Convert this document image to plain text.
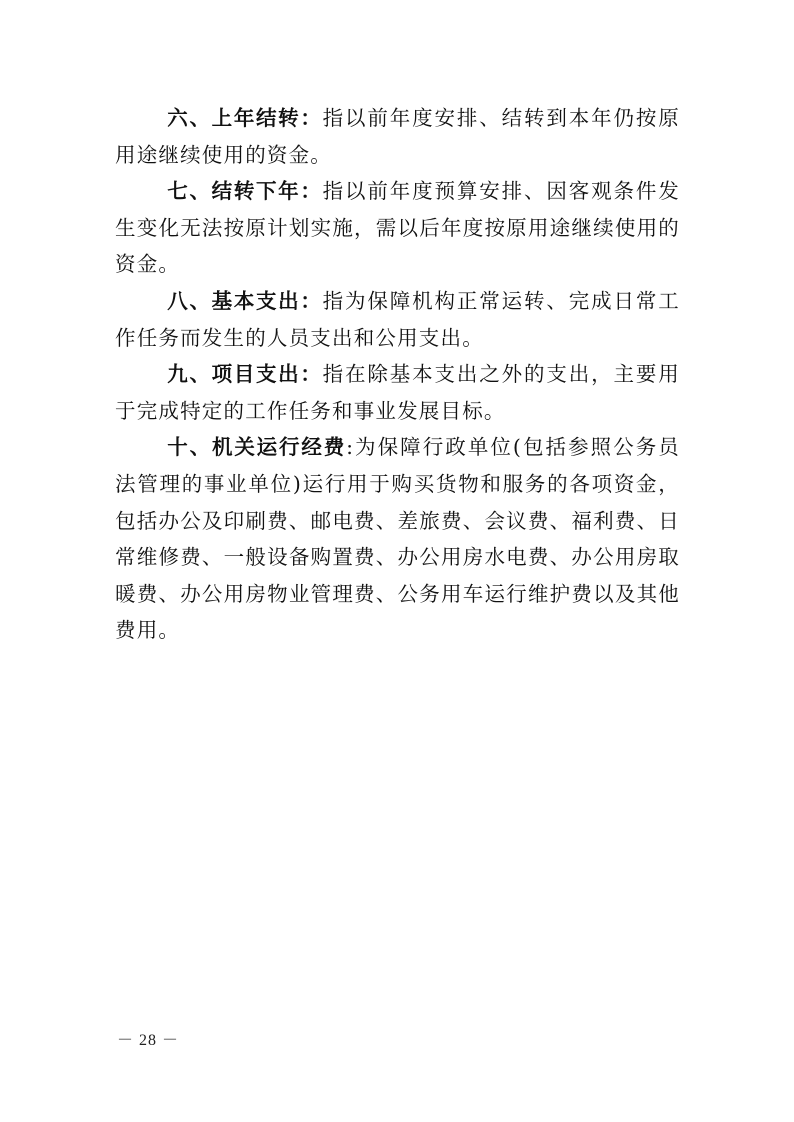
六、上年结转：指以前年度安排、结转到本年仍按原用途继续使用的资金。

七、结转下年：指以前年度预算安排、因客观条件发生变化无法按原计划实施，需以后年度按原用途继续使用的资金。

八、基本支出：指为保障机构正常运转、完成日常工作任务而发生的人员支出和公用支出。

九、项目支出：指在除基本支出之外的支出，主要用于完成特定的工作任务和事业发展目标。

十、机关运行经费:为保障行政单位(包括参照公务员法管理的事业单位)运行用于购买货物和服务的各项资金，包括办公及印刷费、邮电费、差旅费、会议费、福利费、日常维修费、一般设备购置费、办公用房水电费、办公用房取暖费、办公用房物业管理费、公务用车运行维护费以及其他费用。

－ 28 －
